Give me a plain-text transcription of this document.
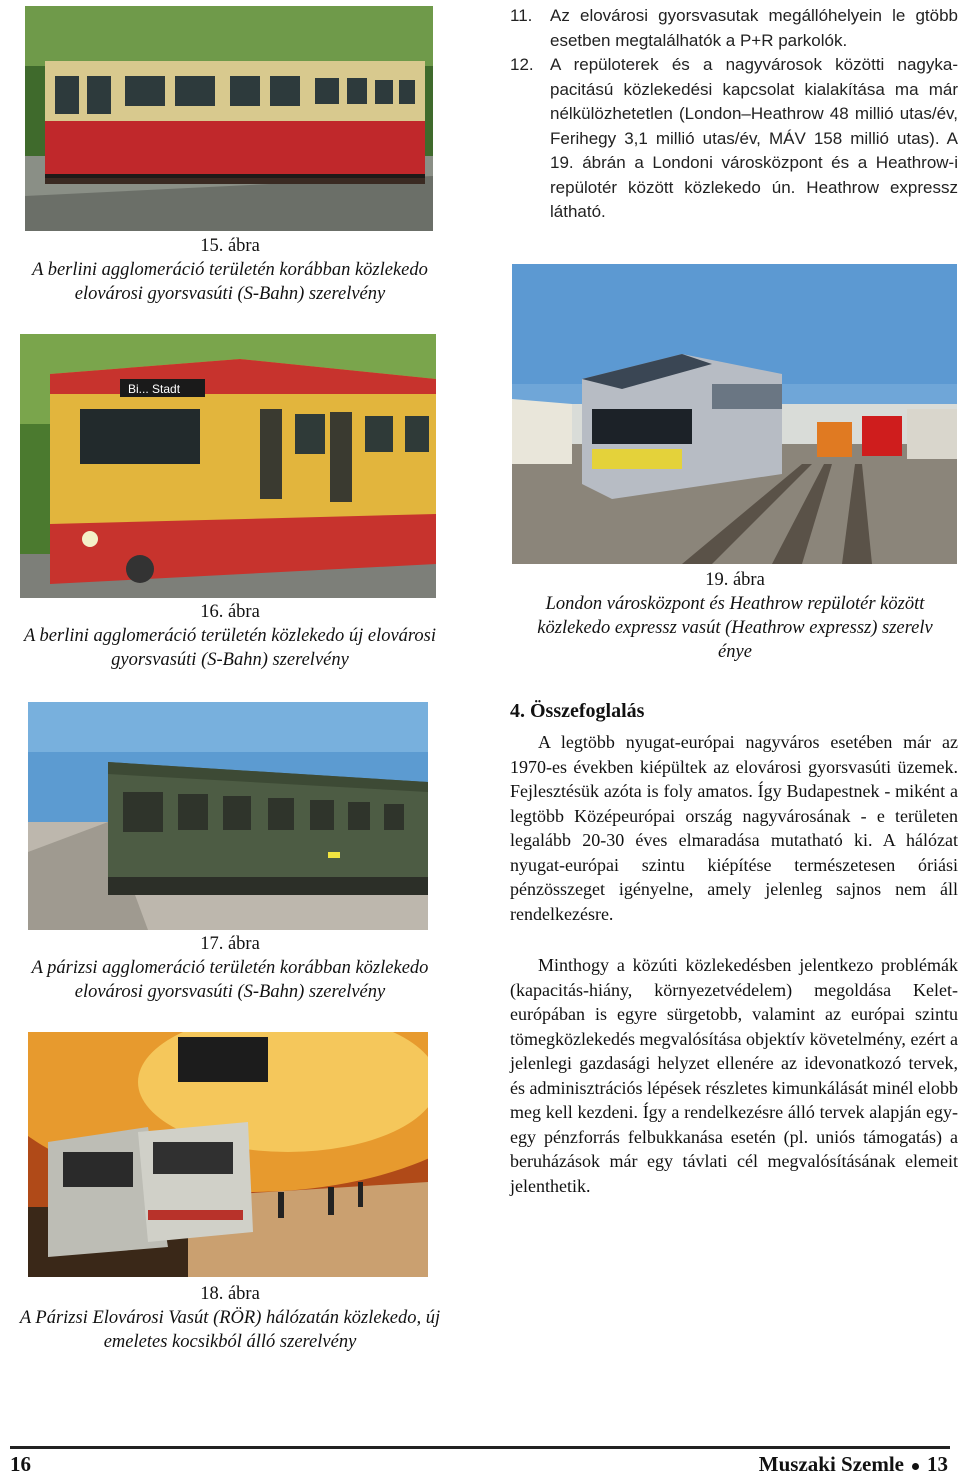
Bi... Stadt
15. ábra
A berlini agglomeráció területén korábban közlekedo elovárosi gyorsvasúti (S-Bahn) szerelvény
16. ábra
A berlini agglomeráció területén közlekedo új elovárosi gyorsvasúti (S-Bahn) szerelvény
17. ábra
A párizsi agglomeráció területén korábban közlekedo elovárosi gyorsvasúti (S-Bahn) szerelvény
18. ábra
A Párizsi Elovárosi Vasút (RÖR) hálózatán közlekedo, új emeletes kocsikból álló szerelvény
19. ábra
London városközpont és Heathrow repülotér között közlekedo expressz vasút (Heathrow expressz) szerelv énye
11. Az elovárosi gyorsvasutak megállóhelyein le gtöbb esetben megtalálhatók a P+R parkolók.
12. A repüloterek és a nagyvárosok közötti nagykapacitású közlekedési kapcsolat kialakítása ma már nélkülözhetetlen (London–Heathrow 48 millió utas/év, Ferihegy 3,1 millió utas/év, MÁV 158 millió utas). A 19. ábrán a Londoni városközpont és a Heathrow-i repülotér között közlekedo ún. Heathrow expressz látható.
4. Összefoglalás
A legtöbb nyugat-európai nagyváros esetében már az 1970-es években kiépültek az elovárosi gyorsvasúti üzemek. Fejlesztésük azóta is foly amatos. Így Budapestnek - miként a legtöbb Középeurópai ország nagyvárosának - e területen legalább 20-30 éves elmaradása mutatható ki. A hálózat nyugat-európai szintu kiépítése természetesen óriási pénzösszeget igényelne, amely jelenleg sajnos nem áll rendelkezésre.
Minthogy a közúti közlekedésben jelentkezo problémák (kapacitás-hiány, környezetvédelem) megoldása Kelet-európában is egyre sürgetobb, valamint az európai szintu tömegközlekedés megvalósítása objektív követelmény, ezért a jelenlegi gazdasági helyzet ellenére az idevonatkozó tervek, és adminisztrációs lépések részletes kimunkálását minél elobb meg kell kezdeni. Így a rendelkezésre álló tervek alapján egy-egy pénzforrás felbukkanása esetén (pl. uniós támogatás) a beruházások már egy távlati cél megvalósításának elemeit jelenthetik.
16	Muszaki Szemle 13
